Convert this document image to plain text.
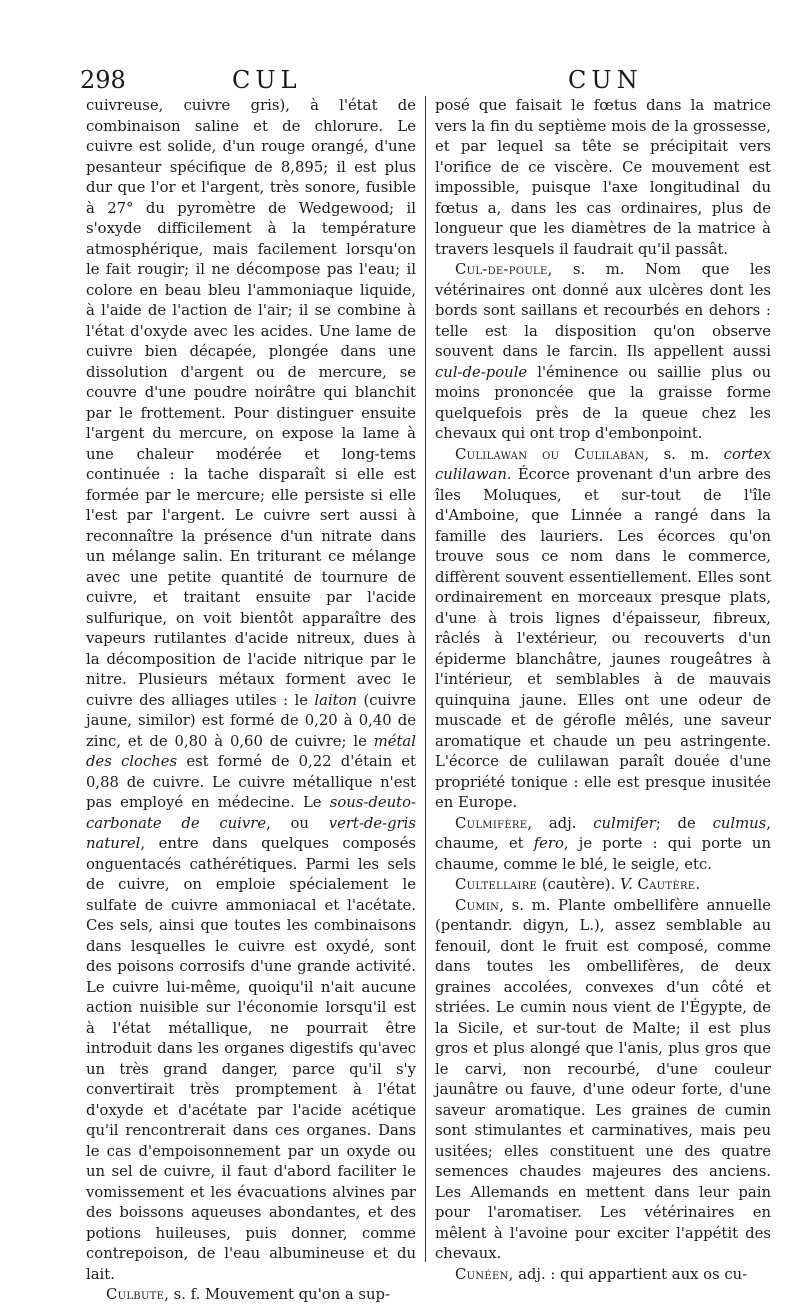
298	CUL	CUN

cuivreuse, cuivre gris), à l'état de combinaison saline et de chlorure. Le cuivre est solide, d'un rouge orangé, d'une pesanteur spécifique de 8,895; il est plus dur que l'or et l'argent, très sonore, fusible à 27° du pyromètre de Wedgewood; il s'oxyde difficilement à la température atmosphérique, mais facilement lorsqu'on le fait rougir; il ne décompose pas l'eau; il colore en beau bleu l'ammoniaque liquide, à l'aide de l'action de l'air; il se combine à l'état d'oxyde avec les acides. Une lame de cuivre bien décapée, plongée dans une dissolution d'argent ou de mercure, se couvre d'une poudre noirâtre qui blanchit par le frottement. Pour distinguer ensuite l'argent du mercure, on expose la lame à une chaleur modérée et long-tems continuée : la tache disparaît si elle est formée par le mercure; elle persiste si elle l'est par l'argent. Le cuivre sert aussi à reconnaître la présence d'un nitrate dans un mélange salin. En triturant ce mélange avec une petite quantité de tournure de cuivre, et traitant ensuite par l'acide sulfurique, on voit bientôt apparaître des vapeurs rutilantes d'acide nitreux, dues à la décomposition de l'acide nitrique par le nitre. Plusieurs métaux forment avec le cuivre des alliages utiles : le laiton (cuivre jaune, similor) est formé de 0,20 à 0,40 de zinc, et de 0,80 à 0,60 de cuivre; le métal des cloches est formé de 0,22 d'étain et 0,88 de cuivre. Le cuivre métallique n'est pas employé en médecine. Le sous-deuto-carbonate de cuivre, ou vert-de-gris naturel, entre dans quelques composés onguentacés cathérétiques. Parmi les sels de cuivre, on emploie spécialement le sulfate de cuivre ammoniacal et l'acétate. Ces sels, ainsi que toutes les combinaisons dans lesquelles le cuivre est oxydé, sont des poisons corrosifs d'une grande activité. Le cuivre lui-même, quoiqu'il n'ait aucune action nuisible sur l'économie lorsqu'il est à l'état métallique, ne pourrait être introduit dans les organes digestifs qu'avec un très grand danger, parce qu'il s'y convertirait très promptement à l'état d'oxyde et d'acétate par l'acide acétique qu'il rencontrerait dans ces organes. Dans le cas d'empoisonnement par un oxyde ou un sel de cuivre, il faut d'abord faciliter le vomissement et les évacuations alvines par des boissons aqueuses abondantes, et des potions huileuses, puis donner, comme contrepoison, de l'eau albumineuse et du lait.

Culbute, s. f. Mouvement qu'on a sup-

posé que faisait le fœtus dans la matrice vers la fin du septième mois de la grossesse, et par lequel sa tête se précipitait vers l'orifice de ce viscère. Ce mouvement est impossible, puisque l'axe longitudinal du fœtus a, dans les cas ordinaires, plus de longueur que les diamètres de la matrice à travers lesquels il faudrait qu'il passât.

Cul-de-poule, s. m. Nom que les vétérinaires ont donné aux ulcères dont les bords sont saillans et recourbés en dehors : telle est la disposition qu'on observe souvent dans le farcin. Ils appellent aussi cul-de-poule l'éminence ou saillie plus ou moins prononcée que la graisse forme quelquefois près de la queue chez les chevaux qui ont trop d'embonpoint.

Culilawan ou Culilaban, s. m. cortex culilawan. Écorce provenant d'un arbre des îles Moluques, et sur-tout de l'île d'Amboine, que Linnée a rangé dans la famille des lauriers. Les écorces qu'on trouve sous ce nom dans le commerce, diffèrent souvent essentiellement. Elles sont ordinairement en morceaux presque plats, d'une à trois lignes d'épaisseur, fibreux, râclés à l'extérieur, ou recouverts d'un épiderme blanchâtre, jaunes rougeâtres à l'intérieur, et semblables à de mauvais quinquina jaune. Elles ont une odeur de muscade et de gérofle mêlés, une saveur aromatique et chaude un peu astringente. L'écorce de culilawan paraît douée d'une propriété tonique : elle est presque inusitée en Europe.

Culmifère, adj. culmifer; de culmus, chaume, et fero, je porte : qui porte un chaume, comme le blé, le seigle, etc.

Cultellaire (cautère). V. Cautère.

Cumin, s. m. Plante ombellifère annuelle (pentandr. digyn, L.), assez semblable au fenouil, dont le fruit est composé, comme dans toutes les ombellifères, de deux graines accolées, convexes d'un côté et striées. Le cumin nous vient de l'Égypte, de la Sicile, et sur-tout de Malte; il est plus gros et plus alongé que l'anis, plus gros que le carvi, non recourbé, d'une couleur jaunâtre ou fauve, d'une odeur forte, d'une saveur aromatique. Les graines de cumin sont stimulantes et carminatives, mais peu usitées; elles constituent une des quatre semences chaudes majeures des anciens. Les Allemands en mettent dans leur pain pour l'aromatiser. Les vétérinaires en mêlent à l'avoine pour exciter l'appétit des chevaux.

Cunéen, adj. : qui appartient aux os cu-
